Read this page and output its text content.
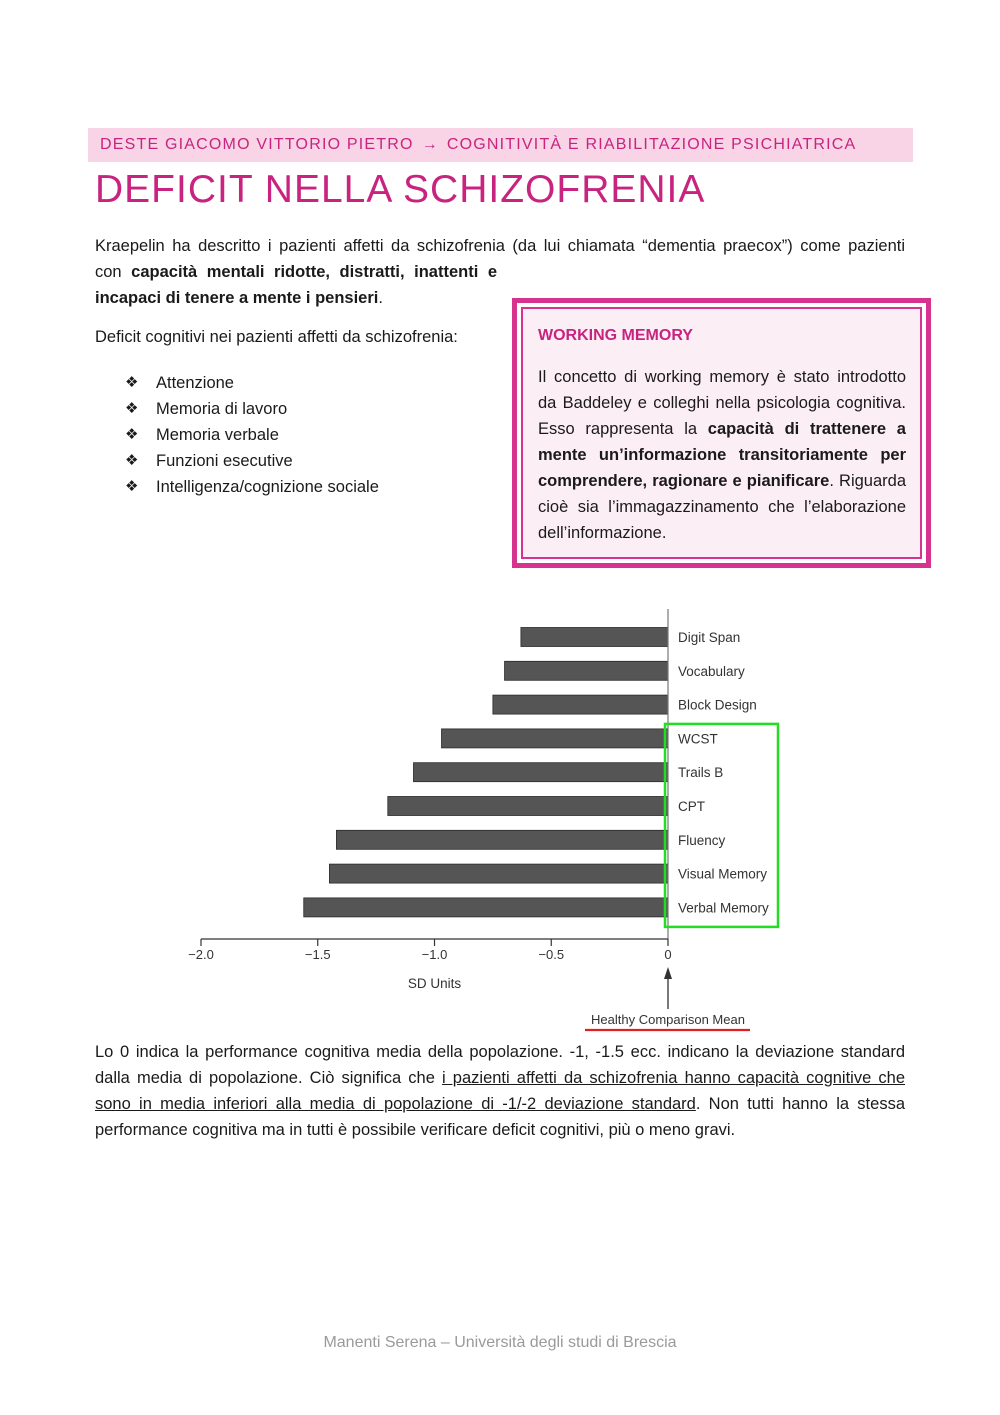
DESTE GIACOMO VITTORIO PIETRO → COGNITIVITÀ E RIABILITAZIONE PSICHIATRICA
DEFICIT NELLA SCHIZOFRENIA
Kraepelin ha descritto i pazienti affetti da schizofrenia (da lui chiamata “dementia praecox”) come pazienti
con capacità mentali ridotte, distratti, inattenti e
incapaci di tenere a mente i pensieri.

Deficit cognitivi nei pazienti affetti da schizofrenia:

❖	Attenzione
❖	Memoria di lavoro
❖	Memoria verbale
❖	Funzioni esecutive
❖	Intelligenza/cognizione sociale

WORKING MEMORY

Il concetto di working memory è stato introdotto da Baddeley e colleghi nella psicologia cognitiva. Esso rappresenta la capacità di trattenere a mente un’informazione transitoriamente per comprendere, ragionare e pianificare. Riguarda cioè sia l’immagazzinamento che l’elaborazione dell’informazione.

Digit Span
Vocabulary
Block Design
WCST
Trails B
CPT
Fluency
Visual Memory
Verbal Memory
−2.0	−1.5	−1.0	−0.5	0
SD Units
Healthy Comparison Mean

Lo 0 indica la performance cognitiva media della popolazione. -1, -1.5 ecc. indicano la deviazione standard dalla media di popolazione. Ciò significa che i pazienti affetti da schizofrenia hanno capacità cognitive che sono in media inferiori alla media di popolazione di -1/-2 deviazione standard. Non tutti hanno la stessa performance cognitiva ma in tutti è possibile verificare deficit cognitivi, più o meno gravi.

Manenti Serena – Università degli studi di Brescia
